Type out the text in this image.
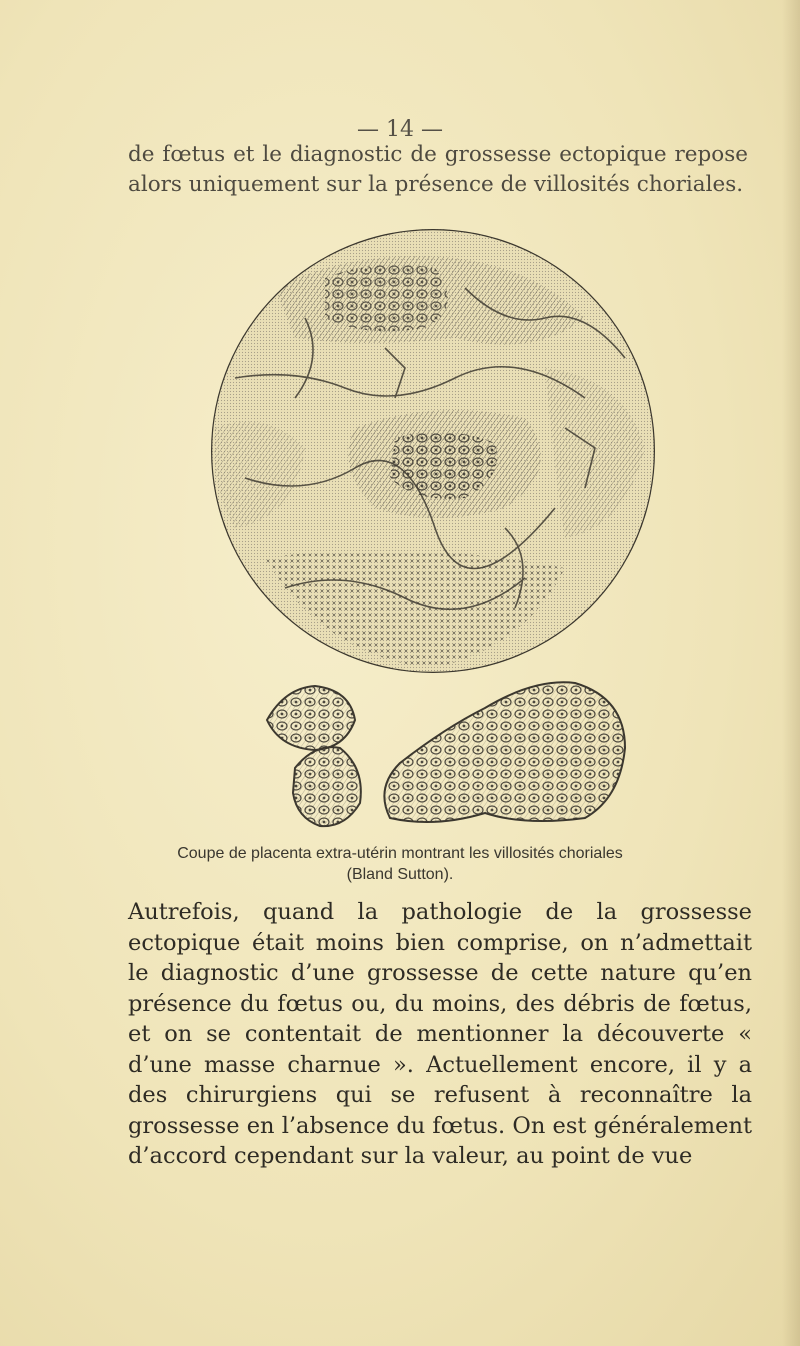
— 14 —

de fœtus et le diagnostic de grossesse ectopique repose alors uniquement sur la présence de villosités choriales.

Coupe de placenta extra-utérin montrant les villosités choriales
(Bland Sutton).

Autrefois, quand la pathologie de la grossesse ectopique était moins bien comprise, on n’admettait le diagnostic d’une grossesse de cette nature qu’en présence du fœtus ou, du moins, des débris de fœtus, et on se contentait de mentionner la découverte « d’une masse charnue ». Actuellement encore, il y a des chirurgiens qui se refusent à reconnaître la grossesse en l’absence du fœtus. On est généralement d’accord cependant sur la valeur, au point de vue
